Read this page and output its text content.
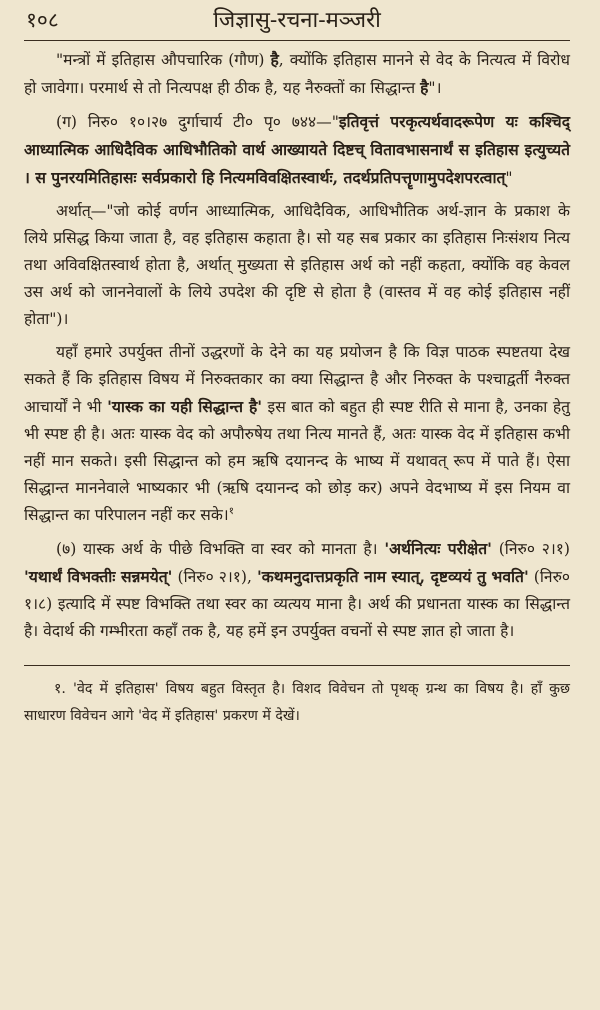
१०८	जिज्ञासु-रचना-मञ्जरी

"मन्त्रों में इतिहास औपचारिक (गौण) है, क्योंकि इतिहास मानने से वेद के नित्यत्व में विरोध हो जावेगा। परमार्थ से तो नित्यपक्ष ही ठीक है, यह नैरुक्तों का सिद्धान्त है"।

(ग) निरु० १०।२७ दुर्गाचार्य टी० पृ० ७४४—"इतिवृत्तं परकृत्यर्थवादरूपेण यः कश्चिद् आध्यात्मिक आधिदैविक आधिभौतिको वार्थ आख्यायते दिष्टच् वितावभासनार्थं स इतिहास इत्युच्यते । स पुनरयमितिहासः सर्वप्रकारो हि नित्यमविवक्षितस्वार्थः, तदर्थप्रतिपत्तॄणामुपदेशपरत्वात्"

अर्थात्—"जो कोई वर्णन आध्यात्मिक, आधिदैविक, आधिभौतिक अर्थ-ज्ञान के प्रकाश के लिये प्रसिद्ध किया जाता है, वह इतिहास कहाता है। सो यह सब प्रकार का इतिहास निःसंशय नित्य तथा अविवक्षितस्वार्थ होता है, अर्थात् मुख्यता से इतिहास अर्थ को नहीं कहता, क्योंकि वह केवल उस अर्थ को जाननेवालों के लिये उपदेश की दृष्टि से होता है (वास्तव में वह कोई इतिहास नहीं होता")।

यहाँ हमारे उपर्युक्त तीनों उद्धरणों के देने का यह प्रयोजन है कि विज्ञ पाठक स्पष्टतया देख सकते हैं कि इतिहास विषय में निरुक्तकार का क्या सिद्धान्त है और निरुक्त के पश्चाद्वर्ती नैरुक्त आचार्यों ने भी 'यास्क का यही सिद्धान्त है' इस बात को बहुत ही स्पष्ट रीति से माना है, उनका हेतु भी स्पष्ट ही है। अतः यास्क वेद को अपौरुषेय तथा नित्य मानते हैं, अतः यास्क वेद में इतिहास कभी नहीं मान सकते। इसी सिद्धान्त को हम ऋषि दयानन्द के भाष्य में यथावत् रूप में पाते हैं। ऐसा सिद्धान्त माननेवाले भाष्यकार भी (ऋषि दयानन्द को छोड़ कर) अपने वेदभाष्य में इस नियम वा सिद्धान्त का परिपालन नहीं कर सके।$^१$

(७) यास्क अर्थ के पीछे विभक्ति वा स्वर को मानता है। 'अर्थनित्यः परीक्षेत' (निरु० २।१) 'यथार्थं विभक्तीः सन्नमयेत्' (निरु० २।१), 'कथमनुदात्तप्रकृति नाम स्यात्, दृष्टव्ययं तु भवति' (निरु० १।८) इत्यादि में स्पष्ट विभक्ति तथा स्वर का व्यत्यय माना है। अर्थ की प्रधानता यास्क का सिद्धान्त है। वेदार्थ की गम्भीरता कहाँ तक है, यह हमें इन उपर्युक्त वचनों से स्पष्ट ज्ञात हो जाता है।

१. 'वेद में इतिहास' विषय बहुत विस्तृत है। विशद विवेचन तो पृथक् ग्रन्थ का विषय है। हाँ कुछ साधारण विवेचन आगे 'वेद में इतिहास' प्रकरण में देखें।
